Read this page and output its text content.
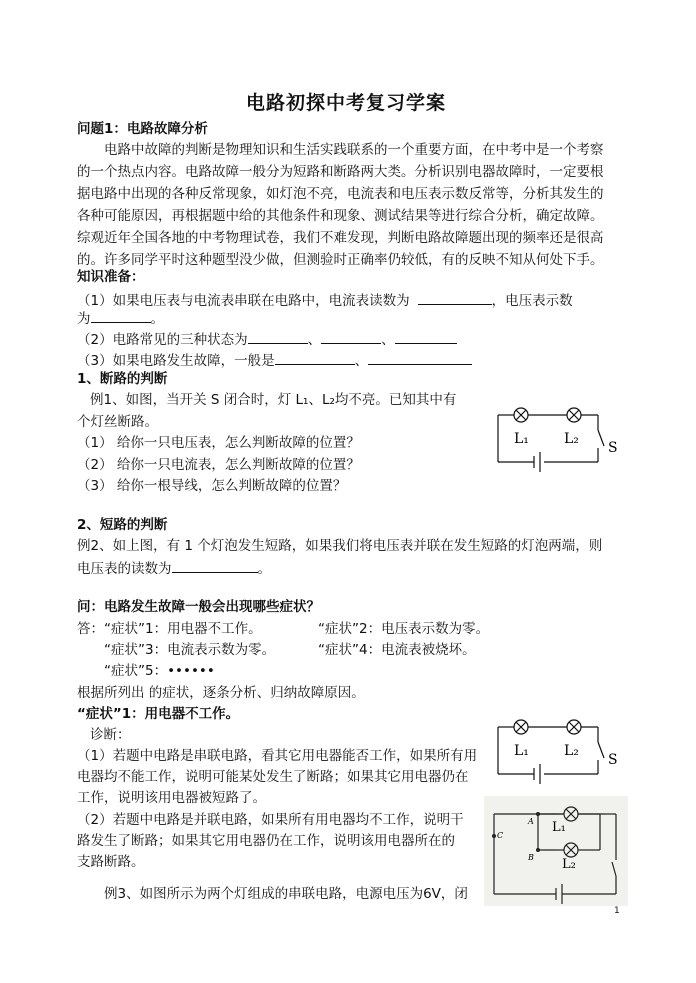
电路初探中考复习学案
问题1：电路故障分析
电路中故障的判断是物理知识和生活实践联系的一个重要方面，在中考中是一个考察
的一个热点内容。电路故障一般分为短路和断路两大类。分析识别电器故障时，一定要根
据电路中出现的各种反常现象，如灯泡不亮，电流表和电压表示数反常等，分析其发生的
各种可能原因，再根据题中给的其他条件和现象、测试结果等进行综合分析，确定故障。
综观近年全国各地的中考物理试卷，我们不难发现，判断电路故障题出现的频率还是很高
的。许多同学平时这种题型没少做，但测验时正确率仍较低，有的反映不知从何处下手。
知识准备：
（1）如果电压表与电流表串联在电路中，电流表读数为	，电压表示数
为	。
（2）电路常见的三种状态为	、	、
（3）如果电路发生故障，一般是	、
1、断路的判断
例1、如图，当开关 S 闭合时，灯 L₁、L₂均不亮。已知其中有
个灯丝断路。
（1） 给你一只电压表，怎么判断故障的位置？
（2） 给你一只电流表，怎么判断故障的位置？
（3） 给你一根导线，怎么判断故障的位置？
L₁	L₂
S
2、短路的判断
例2、如上图，有 1 个灯泡发生短路，如果我们将电压表并联在发生短路的灯泡两端，则
电压表的读数为	。
问：电路发生故障一般会出现哪些症状？
答：“症状”1：用电器不工作。	“症状”2：电压表示数为零。
“症状”3：电流表示数为零。	“症状”4：电流表被烧坏。
“症状”5：••••••
根据所列出 的症状，逐条分析、归纳故障原因。
“症状”1：用电器不工作。
诊断：
（1）若题中电路是串联电路，看其它用电器能否工作，如果所有用
电器均不能工作，说明可能某处发生了断路；如果其它用电器仍在
工作，说明该用电器被短路了。
（2）若题中电路是并联电路，如果所有用电器均不工作，说明干
路发生了断路；如果其它用电器仍在工作，说明该用电器所在的
支路断路。
例3、如图所示为两个灯组成的串联电路，电源电压为6V，闭
L₁	L₂
S
A
B
C
L₁
L₂
1
